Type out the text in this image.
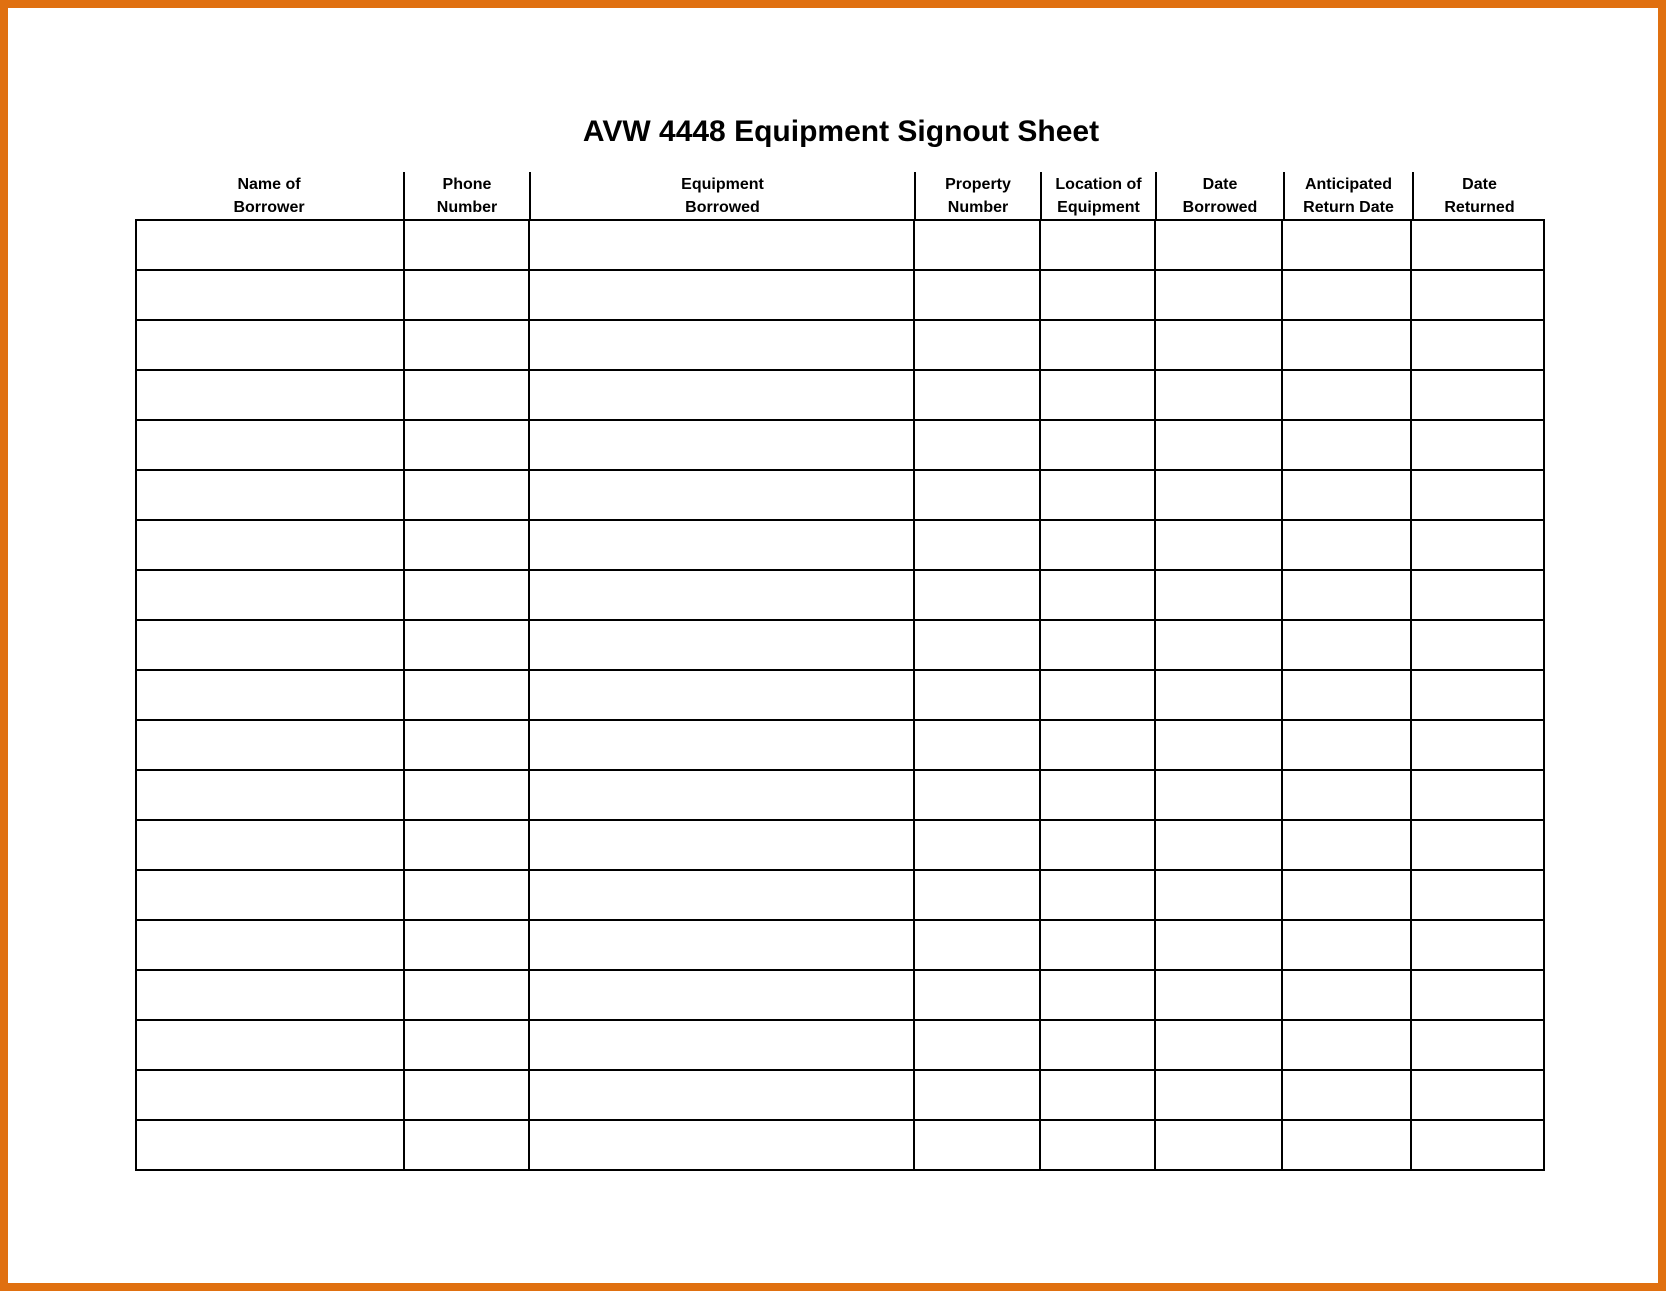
AVW 4448 Equipment Signout Sheet
Name of
Borrower
Phone
Number
Equipment
Borrowed
Property
Number
Location of
Equipment
Date
Borrowed
Anticipated
Return Date
Date
Returned
